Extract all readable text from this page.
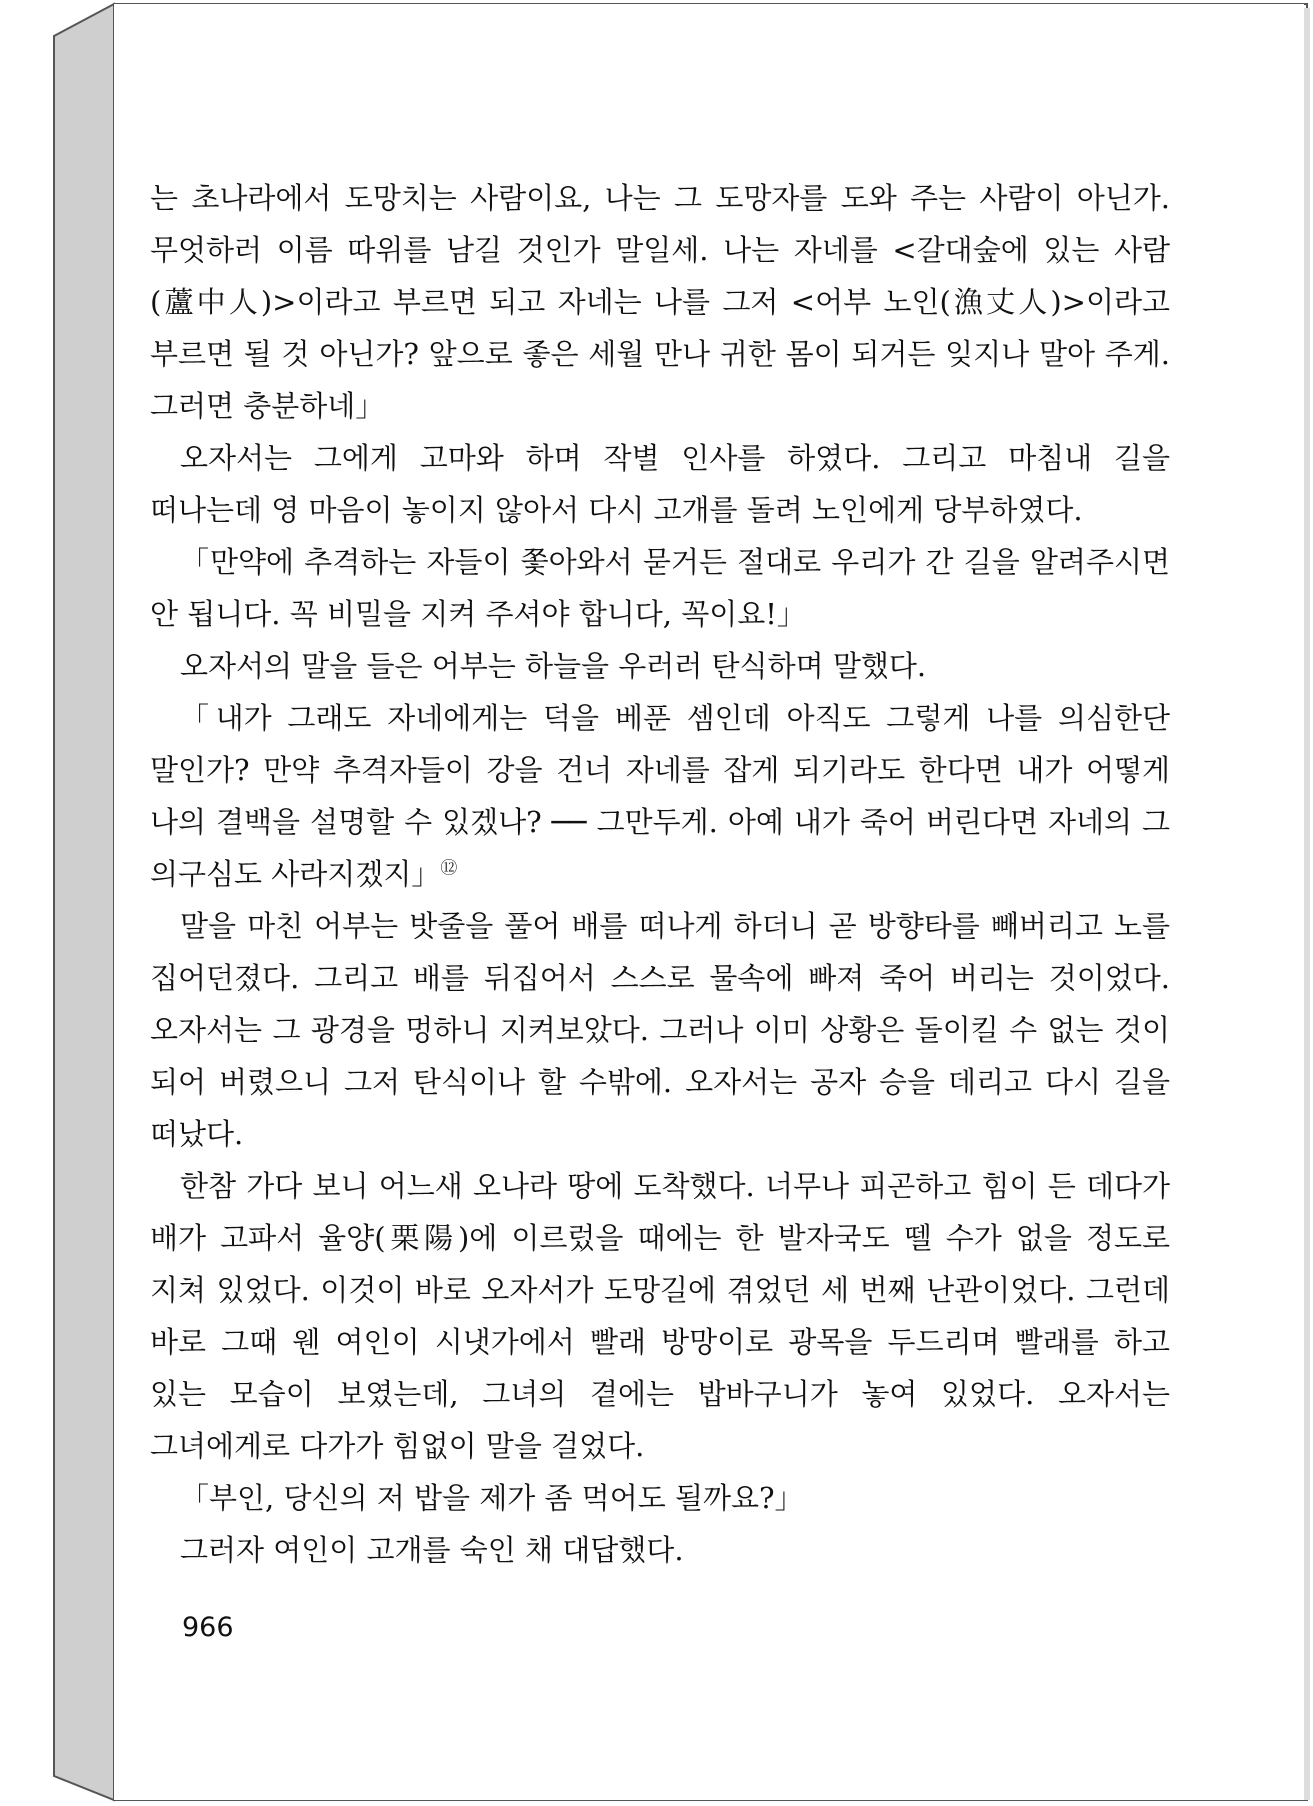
는 초나라에서 도망치는 사람이요, 나는 그 도망자를 도와 주는 사람이 아닌가. 무엇하러 이름 따위를 남길 것인가 말일세. 나는 자네를 <갈대숲에 있는 사람(蘆中人)>이라고 부르면 되고 자네는 나를 그저 <어부 노인(漁丈人)>이라고 부르면 될 것 아닌가? 앞으로 좋은 세월 만나 귀한 몸이 되거든 잊지나 말아 주게. 그러면 충분하네」

오자서는 그에게 고마와 하며 작별 인사를 하였다. 그리고 마침내 길을 떠나는데 영 마음이 놓이지 않아서 다시 고개를 돌려 노인에게 당부하였다.

「만약에 추격하는 자들이 쫓아와서 묻거든 절대로 우리가 간 길을 알려주시면 안 됩니다. 꼭 비밀을 지켜 주셔야 합니다, 꼭이요!」

오자서의 말을 들은 어부는 하늘을 우러러 탄식하며 말했다.

「내가 그래도 자네에게는 덕을 베푼 셈인데 아직도 그렇게 나를 의심한단 말인가? 만약 추격자들이 강을 건너 자네를 잡게 되기라도 한다면 내가 어떻게 나의 결백을 설명할 수 있겠나? ── 그만두게. 아예 내가 죽어 버린다면 자네의 그 의구심도 사라지겠지」⑫

말을 마친 어부는 밧줄을 풀어 배를 떠나게 하더니 곧 방향타를 빼버리고 노를 집어던졌다. 그리고 배를 뒤집어서 스스로 물속에 빠져 죽어 버리는 것이었다. 오자서는 그 광경을 멍하니 지켜보았다. 그러나 이미 상황은 돌이킬 수 없는 것이 되어 버렸으니 그저 탄식이나 할 수밖에. 오자서는 공자 승을 데리고 다시 길을 떠났다.

한참 가다 보니 어느새 오나라 땅에 도착했다. 너무나 피곤하고 힘이 든 데다가 배가 고파서 율양(栗陽)에 이르렀을 때에는 한 발자국도 뗄 수가 없을 정도로 지쳐 있었다. 이것이 바로 오자서가 도망길에 겪었던 세 번째 난관이었다. 그런데 바로 그때 웬 여인이 시냇가에서 빨래 방망이로 광목을 두드리며 빨래를 하고 있는 모습이 보였는데, 그녀의 곁에는 밥바구니가 놓여 있었다. 오자서는 그녀에게로 다가가 힘없이 말을 걸었다.

「부인, 당신의 저 밥을 제가 좀 먹어도 될까요?」

그러자 여인이 고개를 숙인 채 대답했다.

966
